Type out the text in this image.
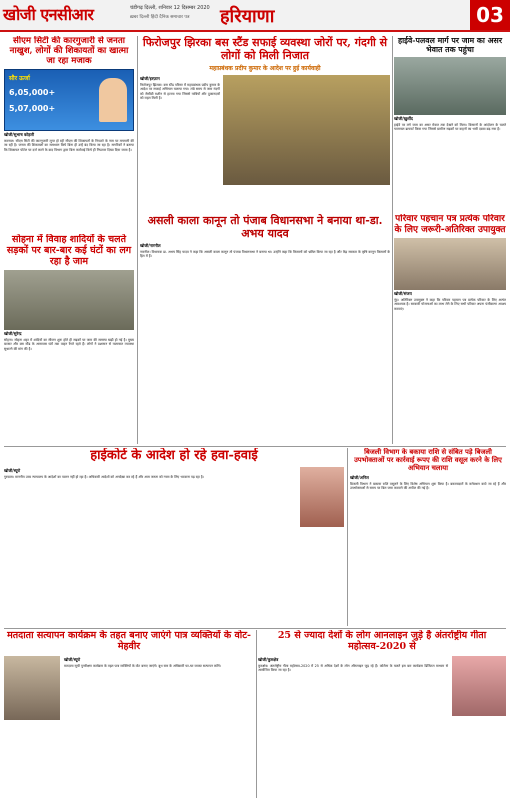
खोजी एनसीआर	चंडीगढ़ दिल्ली, शनिवार 12 दिसम्बर 2020
ख़बर दिल्ली हिंदी दैनिक समाचार पत्र हरियाणा	03
सीएम सिटी की कारगुजारी से जनता नाखुश, लोगों की शिकायतों का खात्मा जा रहा मजाक
सौर ऊर्जा
6,05,000+
5,07,000+
खोजी/सुभाष कोहली
करनाल। सीएम सिटी की कारगुजारी लुप्त हो रही सीएम की शिकायतों के निपटारे के नाम पर मनमानी की जा रही है। जनता की शिकायतों का समाधान किये बिना ही उन्हें बंद किया जा रहा है। नागरिकों ने बताया कि शिकायत पोर्टल पर दर्ज करने के बाद विभाग द्वारा बिना कार्रवाई किये ही निपटारा दिखा दिया जाता है।
सोहना में विवाह शादियों के चलते सड़कों पर बार-बार कई घंटों का लग रहा है जाम
खोजी/सुरेन्द्र
सोहना। सोहना शहर में शादियों का सीजन शुरू होते ही सड़कों पर जाम की समस्या खड़ी हो गई है। मुख्य बाजार और बस स्टैंड के आसपास घंटों तक वाहन रेंगते रहते हैं। लोगों ने प्रशासन से यातायात व्यवस्था सुधारने की मांग की है।
फिरोजपुर झिरका बस स्टैंड सफाई व्यवस्था जोरों पर, गंदगी से लोगों को मिली निजात
महाप्रबंधक प्रदीप कुमार के आदेश पर हुई कार्यवाही
खोजी/इरफ़ान
फिरोजपुर झिरका। बस स्टैंड परिसर में महाप्रबंधक प्रदीप कुमार के आदेश पर सफाई अभियान चलाया गया। लंबे समय से जमा गंदगी को जेसीबी मशीन से हटाया गया जिससे यात्रियों और दुकानदारों को राहत मिली है।
हाईवे-पलवल मार्ग पर जाम का असर भेवात तक पहुंचा
खोजी/ख़ुर्शीद
हाईवे पर लगे जाम का असर मेवात तक देखने को मिला। किसानों के आंदोलन के चलते यातायात डायवर्ट किया गया जिससे ग्रामीण सड़कों पर वाहनों का भारी दबाव बढ़ गया है।
असली काला कानून तो पंजाब विधानसभा ने बनाया था-डा. अभय यादव
खोजी/नारनौल
नारनौल। विधायक डा. अभय सिंह यादव ने कहा कि असली काला कानून तो पंजाब विधानसभा ने बनाया था। उन्होंने कहा कि किसानों को भ्रमित किया जा रहा है और केंद्र सरकार के कृषि कानून किसानों के हित में हैं।
परिवार पहचान पत्र प्रत्येक परिवार के लिए जरूरी-अतिरिक्त उपायुक्त
खोजी/संजय
नूंह। अतिरिक्त उपायुक्त ने कहा कि परिवार पहचान पत्र प्रत्येक परिवार के लिए अत्यंत आवश्यक है। सरकारी योजनाओं का लाभ लेने के लिए सभी परिवार अपना पंजीकरण अवश्य करवाएं।
हाईकोर्ट के आदेश हो रहे हवा-हवाई
खोजी/ब्यूरो
गुरुग्राम। माननीय उच्च न्यायालय के आदेशों का पालन नहीं हो रहा है। अधिकारी आदेशों को अनदेखा कर रहे हैं और आम जनता को न्याय के लिए भटकना पड़ रहा है।
बिजली विभाग के बकाया राशि से संबित पड़े बिजली उपभोक्ताओं पर कार्रवाई रूपए की राशि वसूल करने के लिए अभियान चलाया
खोजी/अनिल
बिजली विभाग ने बकाया राशि वसूलने के लिए विशेष अभियान शुरू किया है। बकायादारों के कनेक्शन काटे जा रहे हैं और उपभोक्ताओं से समय पर बिल जमा करवाने की अपील की गई है।
मतदाता सत्यापन कार्यक्रम के तहत बनाए जाएंगे पात्र व्यक्तियों के वोट-मेहवीर
खोजी/ब्यूरो
मतदाता सूची पुनरीक्षण कार्यक्रम के तहत पात्र व्यक्तियों के वोट बनाए जाएंगे। बूथ स्तर के अधिकारी घर-घर जाकर सत्यापन करेंगे।
25 से ज्यादा देशों के लोग आनलाइन जुड़े है अंतर्राष्ट्रीय गीता महोत्सव-2020 से
खोजी/कुरुक्षेत्र
कुरुक्षेत्र। अंतर्राष्ट्रीय गीता महोत्सव-2020 में 25 से अधिक देशों के लोग ऑनलाइन जुड़ रहे हैं। कोरोना के चलते इस बार कार्यक्रम डिजिटल माध्यम से आयोजित किया जा रहा है।
